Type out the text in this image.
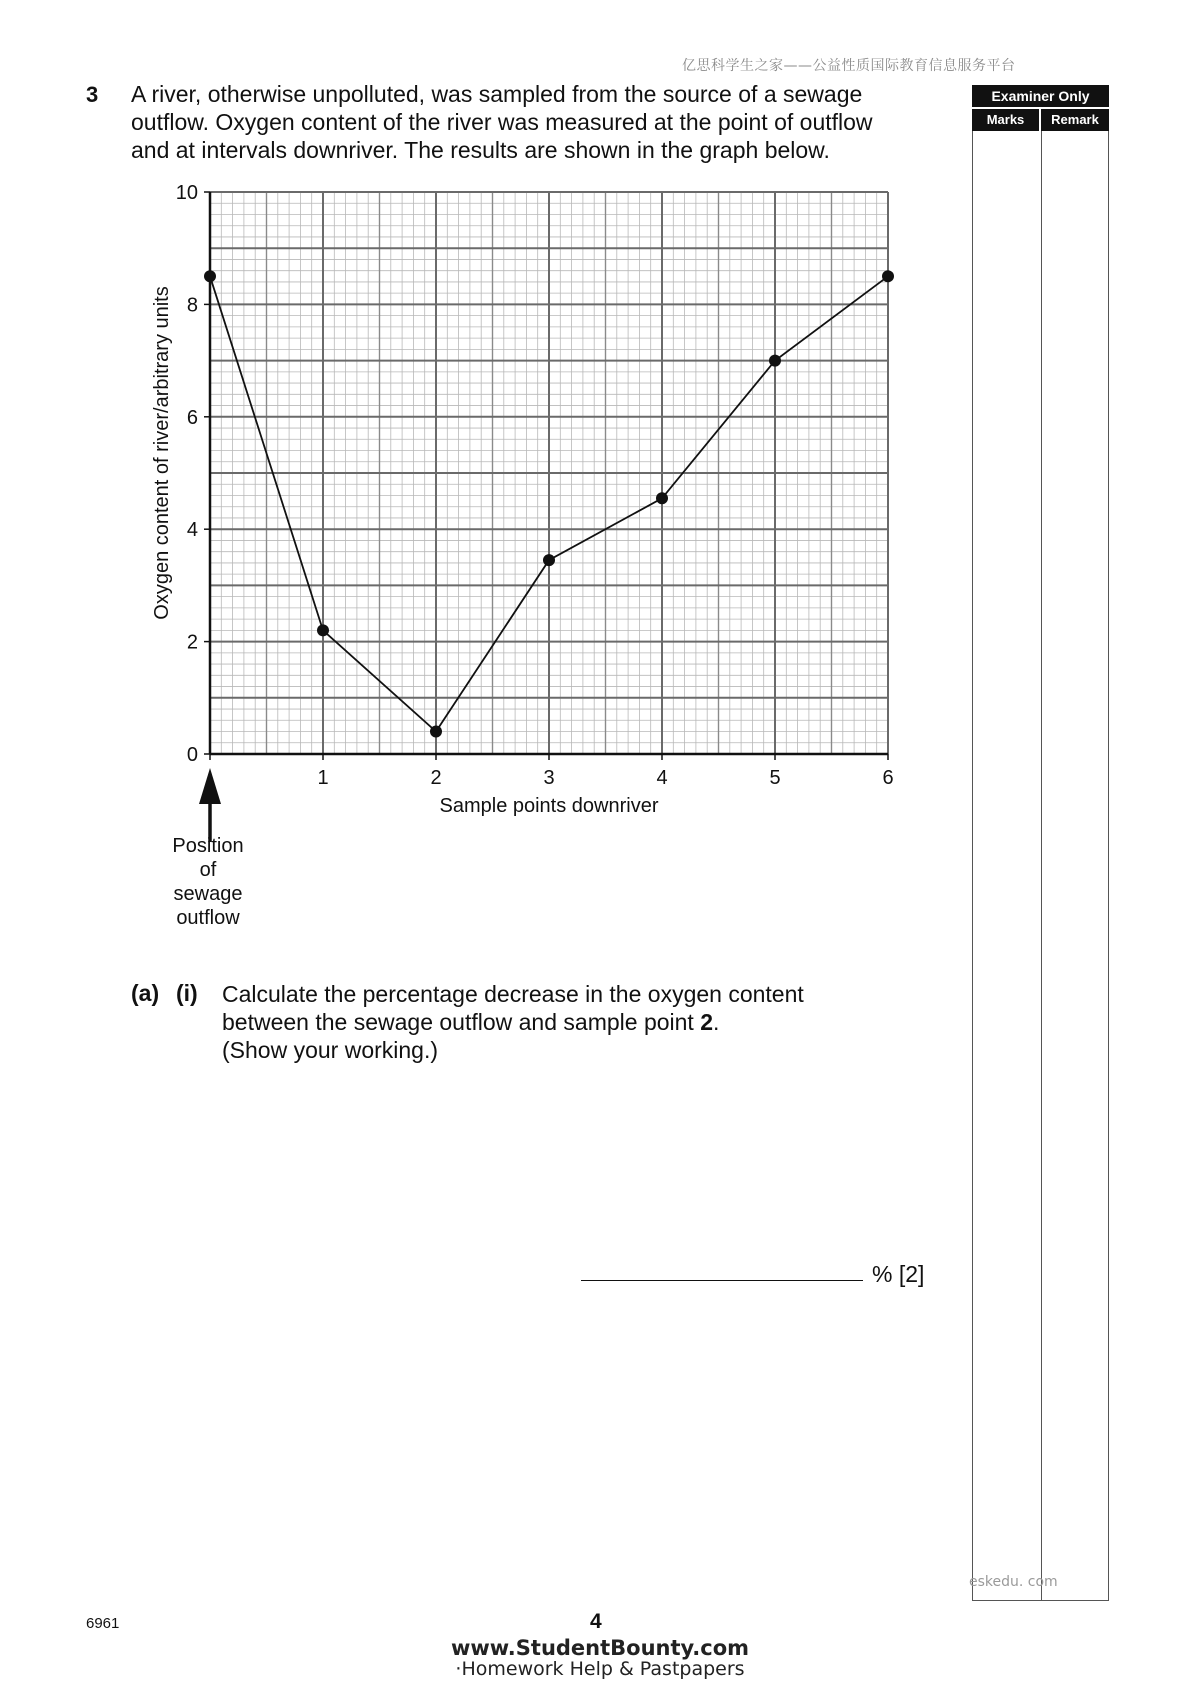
亿思科学生之家——公益性质国际教育信息服务平台
3 A river, otherwise unpolluted, was sampled from the source of a sewage
outflow. Oxygen content of the river was measured at the point of outflow
and at intervals downriver. The results are shown in the graph below.
Examiner Only
Marks	Remark
eskedu. com
0
2
4
6
8
10
1	2	3	4	5	6
Sample points downriver
Oxygen content of river/arbitrary units
Position
of
sewage
outflow
(a) (i) Calculate the percentage decrease in the oxygen content
between the sewage outflow and sample point 2.
(Show your working.)
% [2]
6961	4
www.StudentBounty.com
·Homework Help & Pastpapers
